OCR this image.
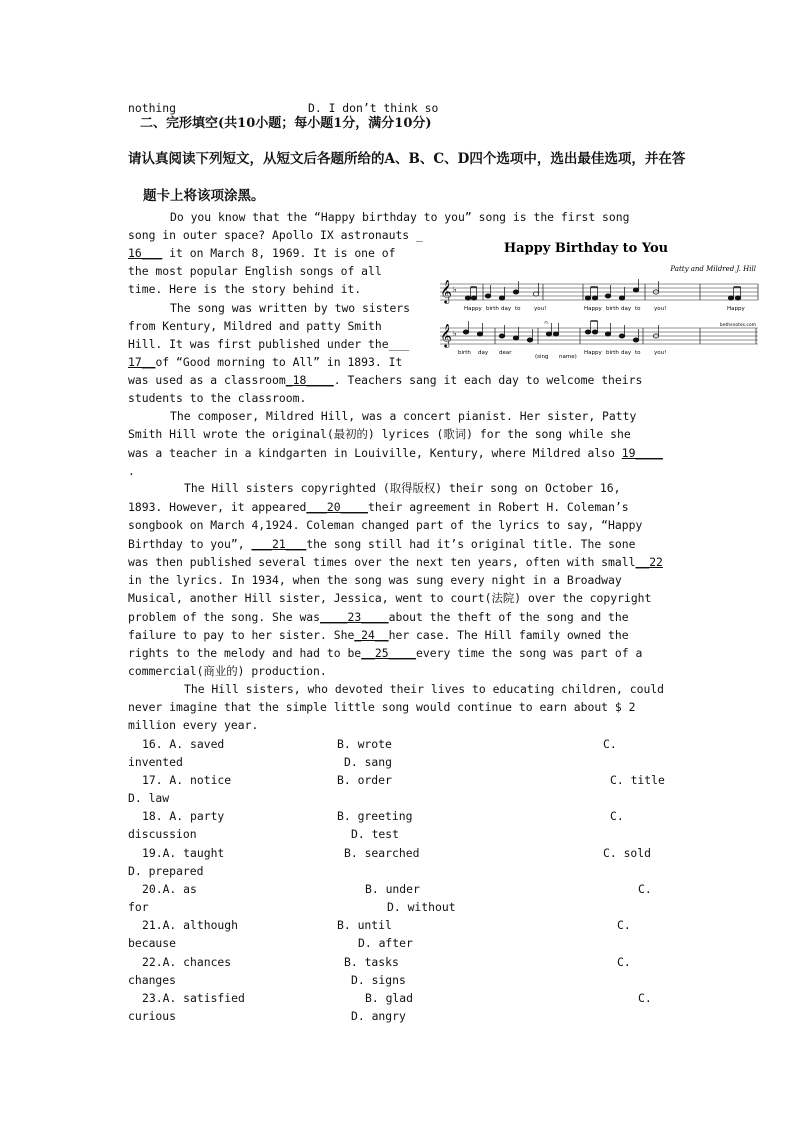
nothing	D. I don’t think so
二、完形填空(共10小题；每小题1分，满分10分)
请认真阅读下列短文，从短文后各题所给的A、B、C、D四个选项中，选出最佳选项，并在答
题卡上将该项涂黑。
Happy Birthday to You
Patty and Mildred J. Hill
𝄞 ♭
𝄞 ♭
𝄐	bethsnotes.com
Hap py birth day to you!	Hap py birth day to you!	Hap py
birth day dear
(sing name)
Hap py birth day to you!
Do you know that the “Happy birthday to you” song is the first song
song in outer space? Apollo IX astronauts _
16___ it on March 8, 1969. It is one of
the most popular English songs of all
time. Here is the story behind it.
The song was written by two sisters
from Kentury, Mildred and patty Smith
Hill. It was first published under the___
17__of “Good morning to All” in 1893. It
was used as a classroom_18____. Teachers sang it each day to welcome theirs
students to the classroom.
The composer, Mildred Hill, was a concert pianist. Her sister, Patty
Smith Hill wrote the original(最初的) lyrices (歌词) for the song while she
was a teacher in a kindgarten in Louiville, Kentury, where Mildred also 19____
.
The Hill sisters copyrighted (取得版权) their song on October 16,
1893. However, it appeared___20____their agreement in Robert H. Coleman’s
songbook on March 4,1924. Coleman changed part of the lyrics to say, “Happy
Birthday to you”, ___21___the song still had it’s original title. The sone
was then published several times over the next ten years, often with small__22
in the lyrics. In 1934, when the song was sung every night in a Broadway
Musical, another Hill sister, Jessica, went to court(法院) over the copyright
problem of the song. She was____23____about the theft of the song and the
failure to pay to her sister. She_24__her case. The Hill family owned the
rights to the melody and had to be__25____every time the song was part of a
commercial(商业的) production.
The Hill sisters, who devoted their lives to educating children, could
never imagine that the simple little song would continue to earn about $ 2
million every year.
16. A. saved	B. wrote	C.
invented	D. sang
17. A. notice	B. order	C. title
D. law
18. A. party	B. greeting	C.
discussion	D. test
19.A. taught	B. searched	C. sold
D. prepared
20.A. as	B. under	C.
for	D. without
21.A. although	B. until	C.
because	D. after
22.A. chances	B. tasks	C.
changes	D. signs
23.A. satisfied	B. glad	C.
curious	D. angry
